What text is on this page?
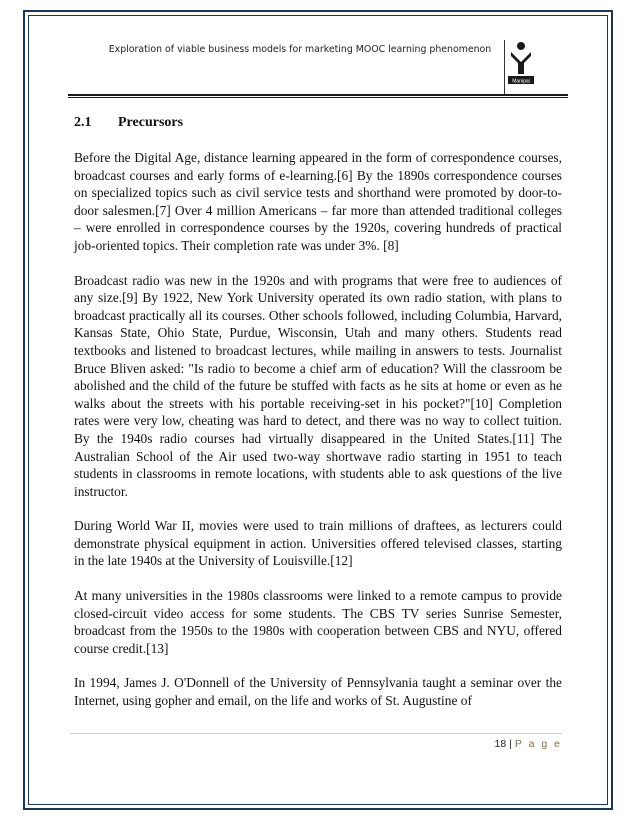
Exploration of viable business models for marketing MOOC learning phenomenon
Manipal
2.1	Precursors

Before the Digital Age, distance learning appeared in the form of correspondence courses, broadcast courses and early forms of e-learning.[6] By the 1890s correspondence courses on specialized topics such as civil service tests and shorthand were promoted by door-to-door salesmen.[7] Over 4 million Americans – far more than attended traditional colleges – were enrolled in correspondence courses by the 1920s, covering hundreds of practical job-oriented topics. Their completion rate was under 3%. [8]

Broadcast radio was new in the 1920s and with programs that were free to audiences of any size.[9] By 1922, New York University operated its own radio station, with plans to broadcast practically all its courses. Other schools followed, including Columbia, Harvard, Kansas State, Ohio State, Purdue, Wisconsin, Utah and many others. Students read textbooks and listened to broadcast lectures, while mailing in answers to tests. Journalist Bruce Bliven asked: "Is radio to become a chief arm of education? Will the classroom be abolished and the child of the future be stuffed with facts as he sits at home or even as he walks about the streets with his portable receiving-set in his pocket?"[10] Completion rates were very low, cheating was hard to detect, and there was no way to collect tuition. By the 1940s radio courses had virtually disappeared in the United States.[11] The Australian School of the Air used two-way shortwave radio starting in 1951 to teach students in classrooms in remote locations, with students able to ask questions of the live instructor.

During World War II, movies were used to train millions of draftees, as lecturers could demonstrate physical equipment in action. Universities offered televised classes, starting in the late 1940s at the University of Louisville.[12]

At many universities in the 1980s classrooms were linked to a remote campus to provide closed-circuit video access for some students. The CBS TV series Sunrise Semester, broadcast from the 1950s to the 1980s with cooperation between CBS and NYU, offered course credit.[13]

In 1994, James J. O'Donnell of the University of Pennsylvania taught a seminar over the Internet, using gopher and email, on the life and works of St. Augustine of

18 | P a g e
